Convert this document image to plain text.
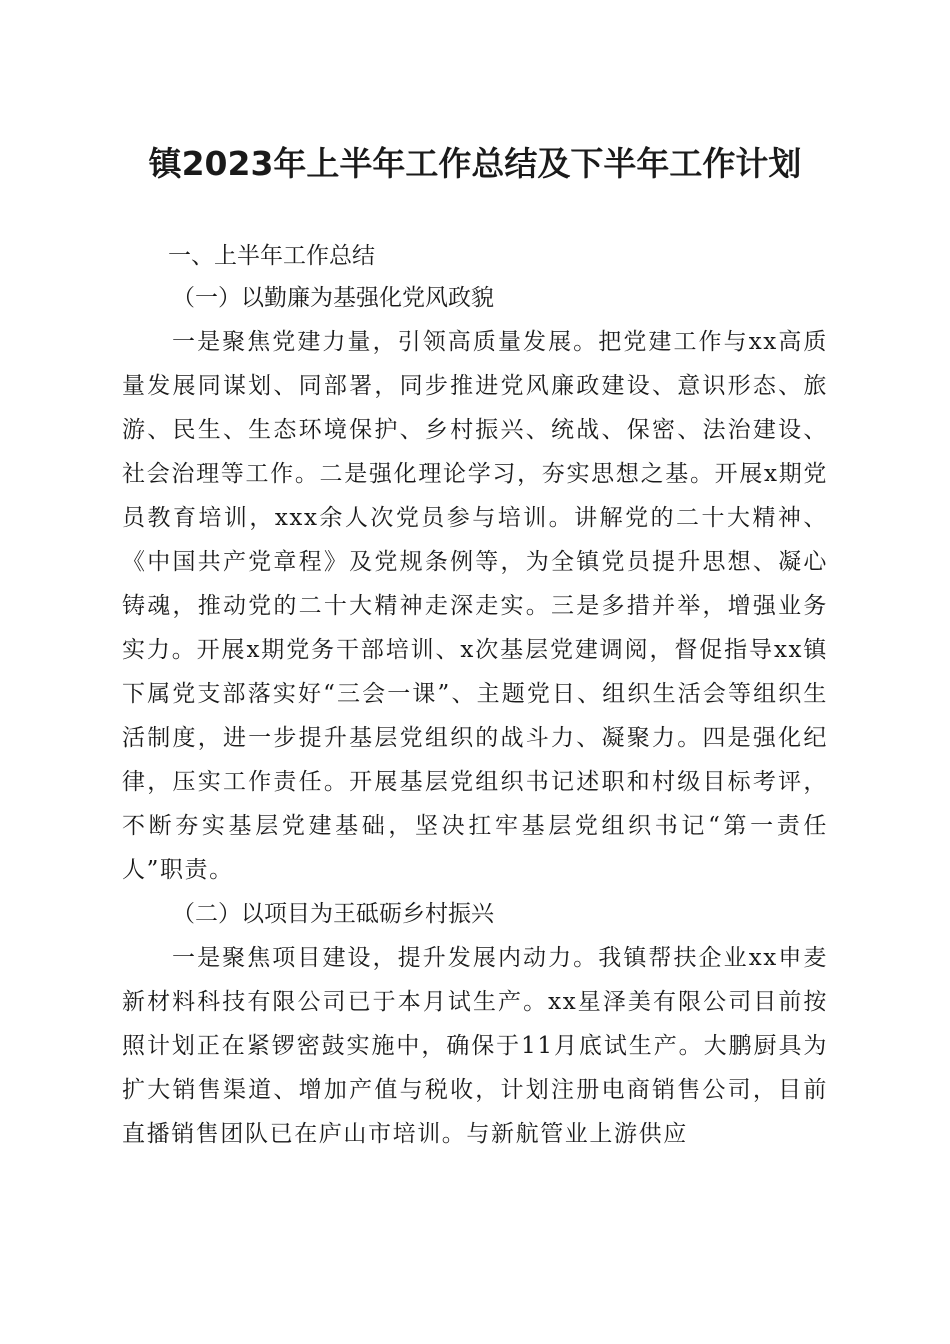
镇2023年上半年工作总结及下半年工作计划

一、上半年工作总结

（一）以勤廉为基强化党风政貌

一是聚焦党建力量，引领高质量发展。把党建工作与xx高质量发展同谋划、同部署，同步推进党风廉政建设、意识形态、旅游、民生、生态环境保护、乡村振兴、统战、保密、法治建设、社会治理等工作。二是强化理论学习，夯实思想之基。开展x期党员教育培训，xxx余人次党员参与培训。讲解党的二十大精神、《中国共产党章程》及党规条例等，为全镇党员提升思想、凝心铸魂，推动党的二十大精神走深走实。三是多措并举，增强业务实力。开展x期党务干部培训、x次基层党建调阅，督促指导xx镇下属党支部落实好“三会一课”、主题党日、组织生活会等组织生活制度，进一步提升基层党组织的战斗力、凝聚力。四是强化纪律，压实工作责任。开展基层党组织书记述职和村级目标考评，不断夯实基层党建基础，坚决扛牢基层党组织书记“第一责任人”职责。

（二）以项目为王砥砺乡村振兴

一是聚焦项目建设，提升发展内动力。我镇帮扶企业xx申麦新材料科技有限公司已于本月试生产。xx星泽美有限公司目前按照计划正在紧锣密鼓实施中，确保于11月底试生产。大鹏厨具为扩大销售渠道、增加产值与税收，计划注册电商销售公司，目前直播销售团队已在庐山市培训。与新航管业上游供应
